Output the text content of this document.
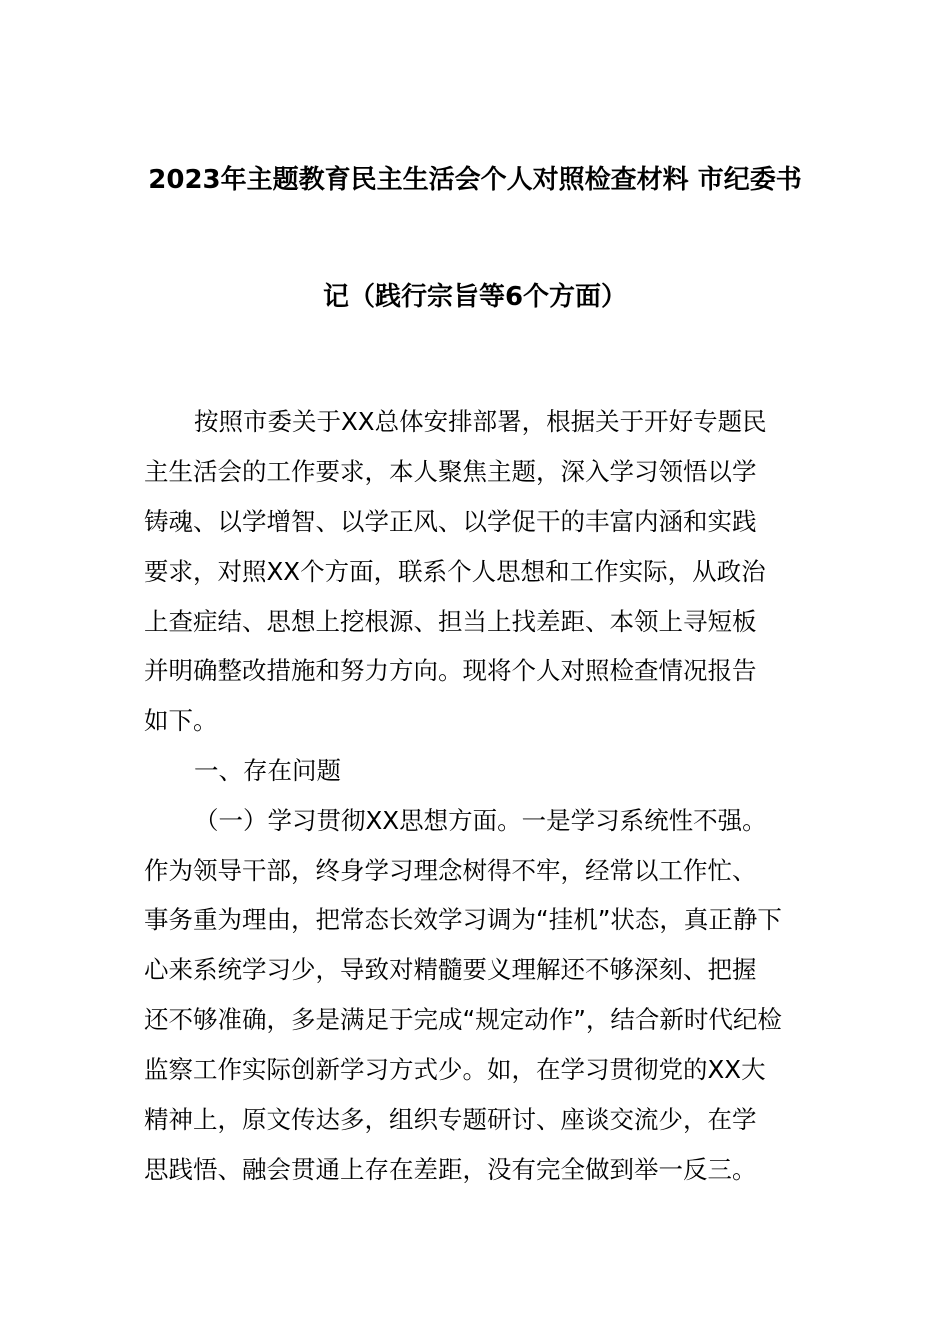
2023年主题教育民主生活会个人对照检查材料 市纪委书
记（践行宗旨等6个方面）
按照市委关于XX总体安排部署，根据关于开好专题民
主生活会的工作要求，本人聚焦主题，深入学习领悟以学
铸魂、以学增智、以学正风、以学促干的丰富内涵和实践
要求，对照XX个方面，联系个人思想和工作实际，从政治
上查症结、思想上挖根源、担当上找差距、本领上寻短板
并明确整改措施和努力方向。现将个人对照检查情况报告
如下。
一、存在问题
（一）学习贯彻XX思想方面。一是学习系统性不强。
作为领导干部，终身学习理念树得不牢，经常以工作忙、
事务重为理由，把常态长效学习调为“挂机”状态，真正静下
心来系统学习少，导致对精髓要义理解还不够深刻、把握
还不够准确，多是满足于完成“规定动作”，结合新时代纪检
监察工作实际创新学习方式少。如，在学习贯彻党的XX大
精神上，原文传达多，组织专题研讨、座谈交流少，在学
思践悟、融会贯通上存在差距，没有完全做到举一反三。
